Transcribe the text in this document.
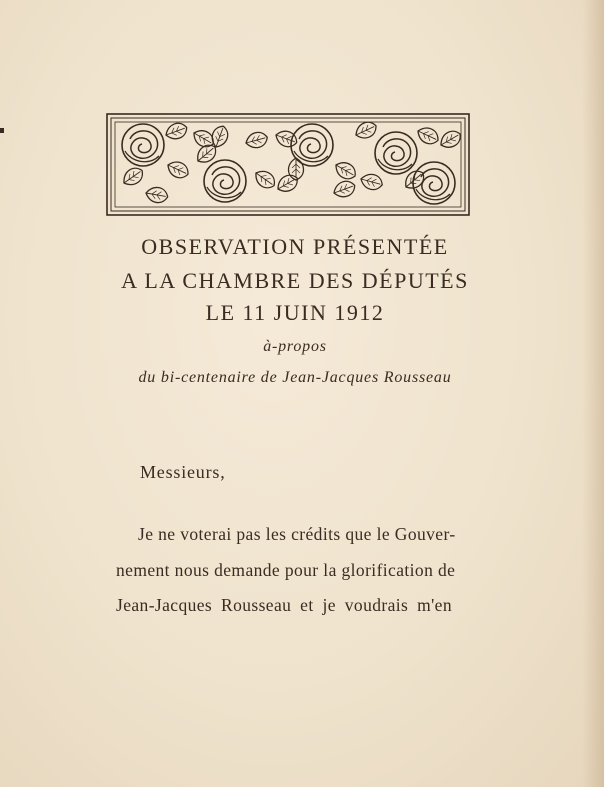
OBSERVATION PRÉSENTÉE
A LA CHAMBRE DES DÉPUTÉS
LE 11 JUIN 1912
à-propos
du bi-centenaire de Jean-Jacques Rousseau
Messieurs,
Je ne voterai pas les crédits que le Gouver-
nement nous demande pour la glorification de
Jean-Jacques Rousseau et je voudrais m'en
